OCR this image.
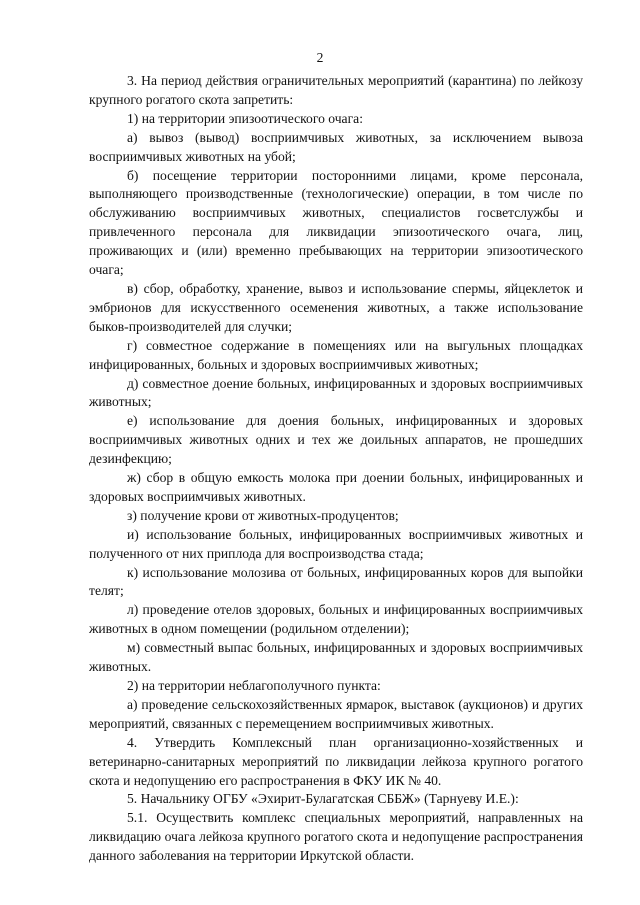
2

3. На период действия ограничительных мероприятий (карантина) по лейкозу крупного рогатого скота запретить:

1) на территории эпизоотического очага:

а) вывоз (вывод) восприимчивых животных, за исключением вывоза восприимчивых животных на убой;

б) посещение территории посторонними лицами, кроме персонала, выполняющего производственные (технологические) операции, в том числе по обслуживанию восприимчивых животных, специалистов госветслужбы и привлеченного персонала для ликвидации эпизоотического очага, лиц, проживающих и (или) временно пребывающих на территории эпизоотического очага;

в) сбор, обработку, хранение, вывоз и использование спермы, яйцеклеток и эмбрионов для искусственного осеменения животных, а также использование быков-производителей для случки;

г) совместное содержание в помещениях или на выгульных площадках инфицированных, больных и здоровых восприимчивых животных;

д) совместное доение больных, инфицированных и здоровых восприимчивых животных;

е) использование для доения больных, инфицированных и здоровых восприимчивых животных одних и тех же доильных аппаратов, не прошедших дезинфекцию;

ж) сбор в общую емкость молока при доении больных, инфицированных и здоровых восприимчивых животных.

з) получение крови от животных-продуцентов;

и) использование больных, инфицированных восприимчивых животных и полученного от них приплода для воспроизводства стада;

к) использование молозива от больных, инфицированных коров для выпойки телят;

л) проведение отелов здоровых, больных и инфицированных восприимчивых животных в одном помещении (родильном отделении);

м) совместный выпас больных, инфицированных и здоровых восприимчивых животных.

2) на территории неблагополучного пункта:

а) проведение сельскохозяйственных ярмарок, выставок (аукционов) и других мероприятий, связанных с перемещением восприимчивых животных.

4. Утвердить Комплексный план организационно-хозяйственных и ветеринарно-санитарных мероприятий по ликвидации лейкоза крупного рогатого скота и недопущению его распространения в ФКУ ИК № 40.

5. Начальнику ОГБУ «Эхирит-Булагатская СББЖ» (Тарнуеву И.Е.):

5.1. Осуществить комплекс специальных мероприятий, направленных на ликвидацию очага лейкоза крупного рогатого скота и недопущение распространения данного заболевания на территории Иркутской области.
